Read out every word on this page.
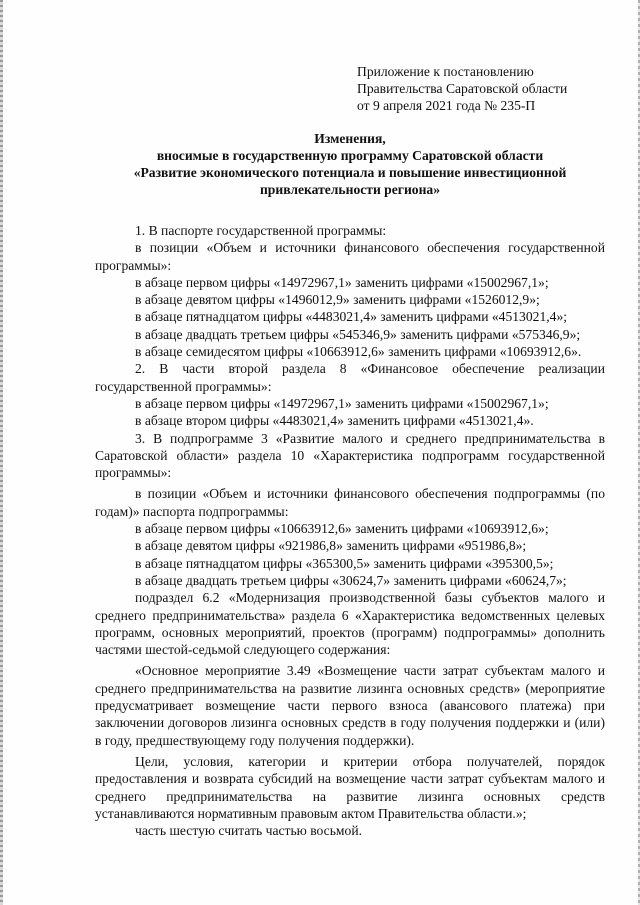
Приложение к постановлению
Правительства Саратовской области
от 9 апреля 2021 года № 235-П
Изменения,
вносимые в государственную программу Саратовской области
«Развитие экономического потенциала и повышение инвестиционной привлекательности региона»

1. В паспорте государственной программы:

в позиции «Объем и источники финансового обеспечения государственной программы»:

в абзаце первом цифры «14972967,1» заменить цифрами «15002967,1»;

в абзаце девятом цифры «1496012,9» заменить цифрами «1526012,9»;

в абзаце пятнадцатом цифры «4483021,4» заменить цифрами «4513021,4»;

в абзаце двадцать третьем цифры «545346,9» заменить цифрами «575346,9»;

в абзаце семидесятом цифры «10663912,6» заменить цифрами «10693912,6».

2. В части второй раздела 8 «Финансовое обеспечение реализации государственной программы»:

в абзаце первом цифры «14972967,1» заменить цифрами «15002967,1»;

в абзаце втором цифры «4483021,4» заменить цифрами «4513021,4».

3. В подпрограмме 3 «Развитие малого и среднего предпринимательства в Саратовской области» раздела 10 «Характеристика подпрограмм государственной программы»:

в позиции «Объем и источники финансового обеспечения подпрограммы (по годам)» паспорта подпрограммы:

в абзаце первом цифры «10663912,6» заменить цифрами «10693912,6»;

в абзаце девятом цифры «921986,8» заменить цифрами «951986,8»;

в абзаце пятнадцатом цифры «365300,5» заменить цифрами «395300,5»;

в абзаце двадцать третьем цифры «30624,7» заменить цифрами «60624,7»;

подраздел 6.2 «Модернизация производственной базы субъектов малого и среднего предпринимательства» раздела 6 «Характеристика ведомственных целевых программ, основных мероприятий, проектов (программ) подпрограммы» дополнить частями шестой-седьмой следующего содержания:

«Основное мероприятие 3.49 «Возмещение части затрат субъектам малого и среднего предпринимательства на развитие лизинга основных средств» (мероприятие предусматривает возмещение части первого взноса (авансового платежа) при заключении договоров лизинга основных средств в году получения поддержки и (или) в году, предшествующему году получения поддержки).

Цели, условия, категории и критерии отбора получателей, порядок предоставления и возврата субсидий на возмещение части затрат субъектам малого и среднего предпринимательства на развитие лизинга основных средств устанавливаются нормативным правовым актом Правительства области.»;

часть шестую считать частью восьмой.
